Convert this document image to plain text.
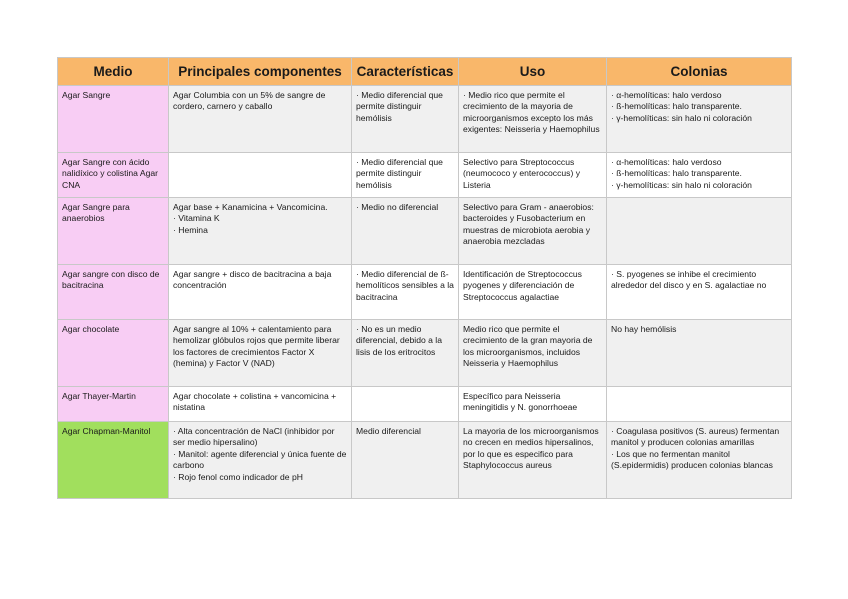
Medio	Principales componentes	Características	Uso	Colonias

Agar Sangre	Agar Columbia con un 5% de sangre de cordero, carnero y caballo	· Medio diferencial que permite distinguir hemólisis	· Medio rico que permite el crecimiento de la mayoria de microorganismos excepto los más exigentes: Neisseria y Haemophilus	· α-hemolíticas: halo verdoso
· ß-hemolíticas: halo transparente.
· γ-hemolíticas: sin halo ni coloración

Agar Sangre con ácido nalidíxico y colistina Agar CNA		· Medio diferencial que permite distinguir hemólisis	Selectivo para Streptococcus (neumococo y enterococcus) y Listeria	· α-hemolíticas: halo verdoso
· ß-hemolíticas: halo transparente.
· γ-hemolíticas: sin halo ni coloración

Agar Sangre para anaerobios	Agar base + Kanamicina + Vancomicina.
· Vitamina K
· Hemina	· Medio no diferencial	Selectivo para Gram - anaerobios: bacteroides y Fusobacterium en muestras de microbiota aerobia y anaerobia mezcladas	

Agar sangre con disco de bacitracina	Agar sangre + disco de bacitracina a baja concentración	· Medio diferencial de ß-hemolíticos sensibles a la bacitracina	Identificación de Streptococcus pyogenes y diferenciación de Streptococcus agalactiae	· S. pyogenes se inhibe el crecimiento alrededor del disco y en S. agalactiae no

Agar chocolate	Agar sangre al 10% + calentamiento para hemolizar glóbulos rojos que permite liberar los factores de crecimientos Factor X (hemina) y Factor V (NAD)	· No es un medio diferencial, debido a la lisis de los eritrocitos	Medio rico que permite el crecimiento de la gran mayoria de los microorganismos, incluidos Neisseria y Haemophilus	No hay hemólisis

Agar Thayer-Martin	Agar chocolate + colistina + vancomicina + nistatina		Específico para Neisseria meningitidis y N. gonorrhoeae	

Agar Chapman-Manitol	· Alta concentración de NaCl (inhibidor por ser medio hipersalino)
· Manitol: agente diferencial y única fuente de carbono
· Rojo fenol como indicador de pH	Medio diferencial	La mayoria de los microorganismos no crecen en medios hipersalinos, por lo que es especifico para Staphylococcus aureus	· Coagulasa positivos (S. aureus) fermentan manitol y producen colonias amarillas
· Los que no fermentan manitol (S.epidermidis) producen colonias blancas
